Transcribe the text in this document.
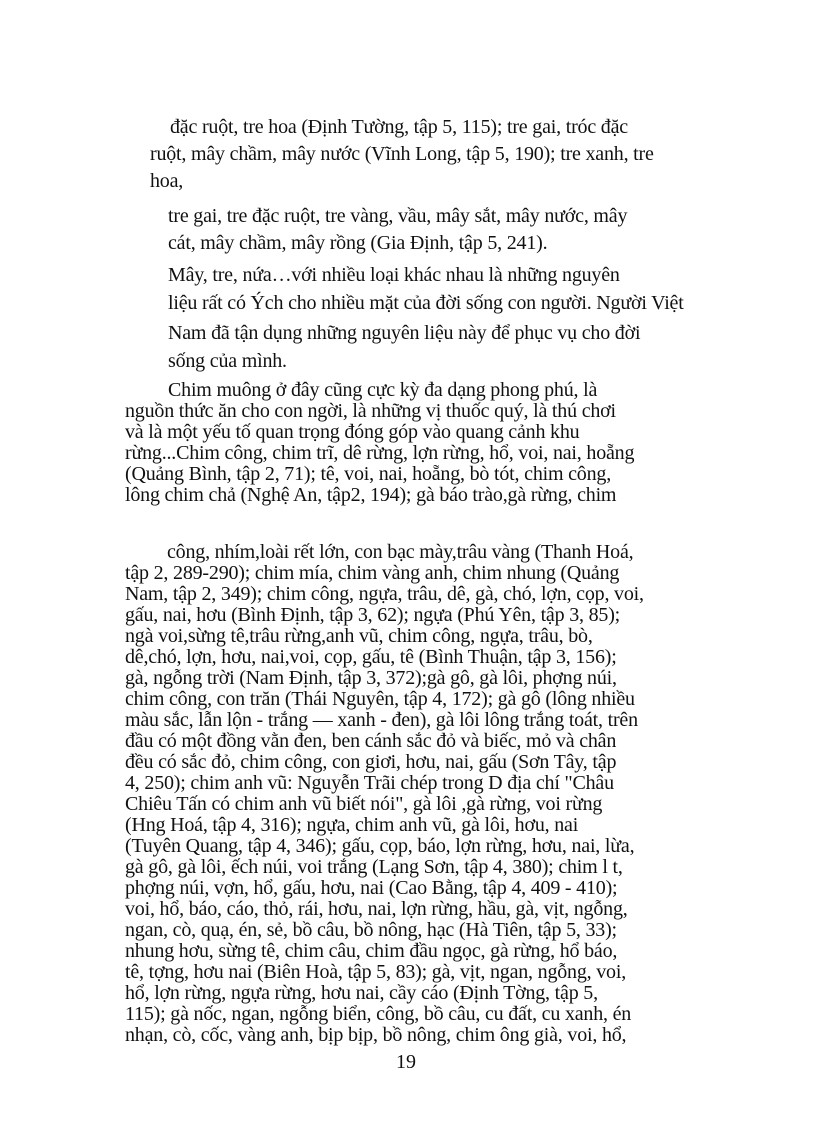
đặc ruột, tre hoa (Định Tường, tập 5, 115); tre gai, tróc đặc
ruột, mây chầm, mây nước (Vĩnh Long, tập 5, 190); tre xanh, tre
hoa,
tre gai, tre đặc ruột, tre vàng, vầu, mây sắt, mây nước, mây
cát, mây chầm, mây rồng (Gia Định, tập 5, 241).
Mây, tre, nứa…với nhiều loại khác nhau là những nguyên
liệu rất có Ých cho nhiều mặt của đời sống con người. Người Việt
Nam đã tận dụng những nguyên liệu này để phục vụ cho đời
sống của mình.
Chim muông ở đây cũng cực kỳ đa dạng phong phú, là
nguồn thức ăn cho con ngời, là những vị thuốc quý, là thú chơi
và là một yếu tố quan trọng đóng góp vào quang cảnh khu
rừng...Chim công, chim trĩ, dê rừng, lợn rừng, hổ, voi, nai, hoẵng
(Quảng Bình, tập 2, 71); tê, voi, nai, hoẵng, bò tót, chim công,
lông chim chả (Nghệ An, tập2, 194); gà báo trào,gà rừng, chim
công, nhím,loài rết lớn, con bạc mày,trâu vàng (Thanh Hoá,
tập 2, 289-290); chim mía, chim vàng anh, chim nhung (Quảng
Nam, tập 2, 349); chim công, ngựa, trâu, dê, gà, chó, lợn, cọp, voi,
gấu, nai, hơu (Bình Định, tập 3, 62); ngựa (Phú Yên, tập 3, 85);
ngà voi,sừng tê,trâu rừng,anh vũ, chim công, ngựa, trâu, bò,
dê,chó, lợn, hơu, nai,voi, cọp, gấu, tê (Bình Thuận, tập 3, 156);
gà, ngỗng trời (Nam Định, tập 3, 372);gà gô, gà lôi, phợng núi,
chim công, con trăn (Thái Nguyên, tập 4, 172); gà gô (lông nhiều
màu sắc, lẫn lộn - trắng — xanh - đen), gà lôi lông trắng toát, trên
đầu có một đồng vằn đen, ben cánh sắc đỏ và biếc, mỏ và chân
đều có sắc đỏ, chim công, con giơi, hơu, nai, gấu (Sơn Tây, tập
4, 250); chim anh vũ: Nguyễn Trãi chép trong D địa chí "Châu
Chiêu Tấn có chim anh vũ biết nói", gà lôi ,gà rừng, voi rừng
(Hng Hoá, tập 4, 316); ngựa, chim anh vũ, gà lôi, hơu, nai
(Tuyên Quang, tập 4, 346); gấu, cọp, báo, lợn rừng, hơu, nai, lừa,
gà gô, gà lôi, ếch núi, voi trắng (Lạng Sơn, tập 4, 380); chim l t,
phợng núi, vợn, hổ, gấu, hơu, nai (Cao Bằng, tập 4, 409 - 410);
voi, hổ, báo, cáo, thỏ, rái, hơu, nai, lợn rừng, hầu, gà, vịt, ngỗng,
ngan, cò, quạ, én, sẻ, bồ câu, bồ nông, hạc (Hà Tiên, tập 5, 33);
nhung hơu, sừng tê, chim câu, chim đầu ngọc, gà rừng, hổ báo,
tê, tợng, hơu nai (Biên Hoà, tập 5, 83); gà, vịt, ngan, ngỗng, voi,
hổ, lợn rừng, ngựa rừng, hơu nai, cầy cáo (Định Tờng, tập 5,
115); gà nốc, ngan, ngỗng biển, công, bồ câu, cu đất, cu xanh, én
nhạn, cò, cốc, vàng anh, bịp bịp, bồ nông, chim ông già, voi, hổ,
19
